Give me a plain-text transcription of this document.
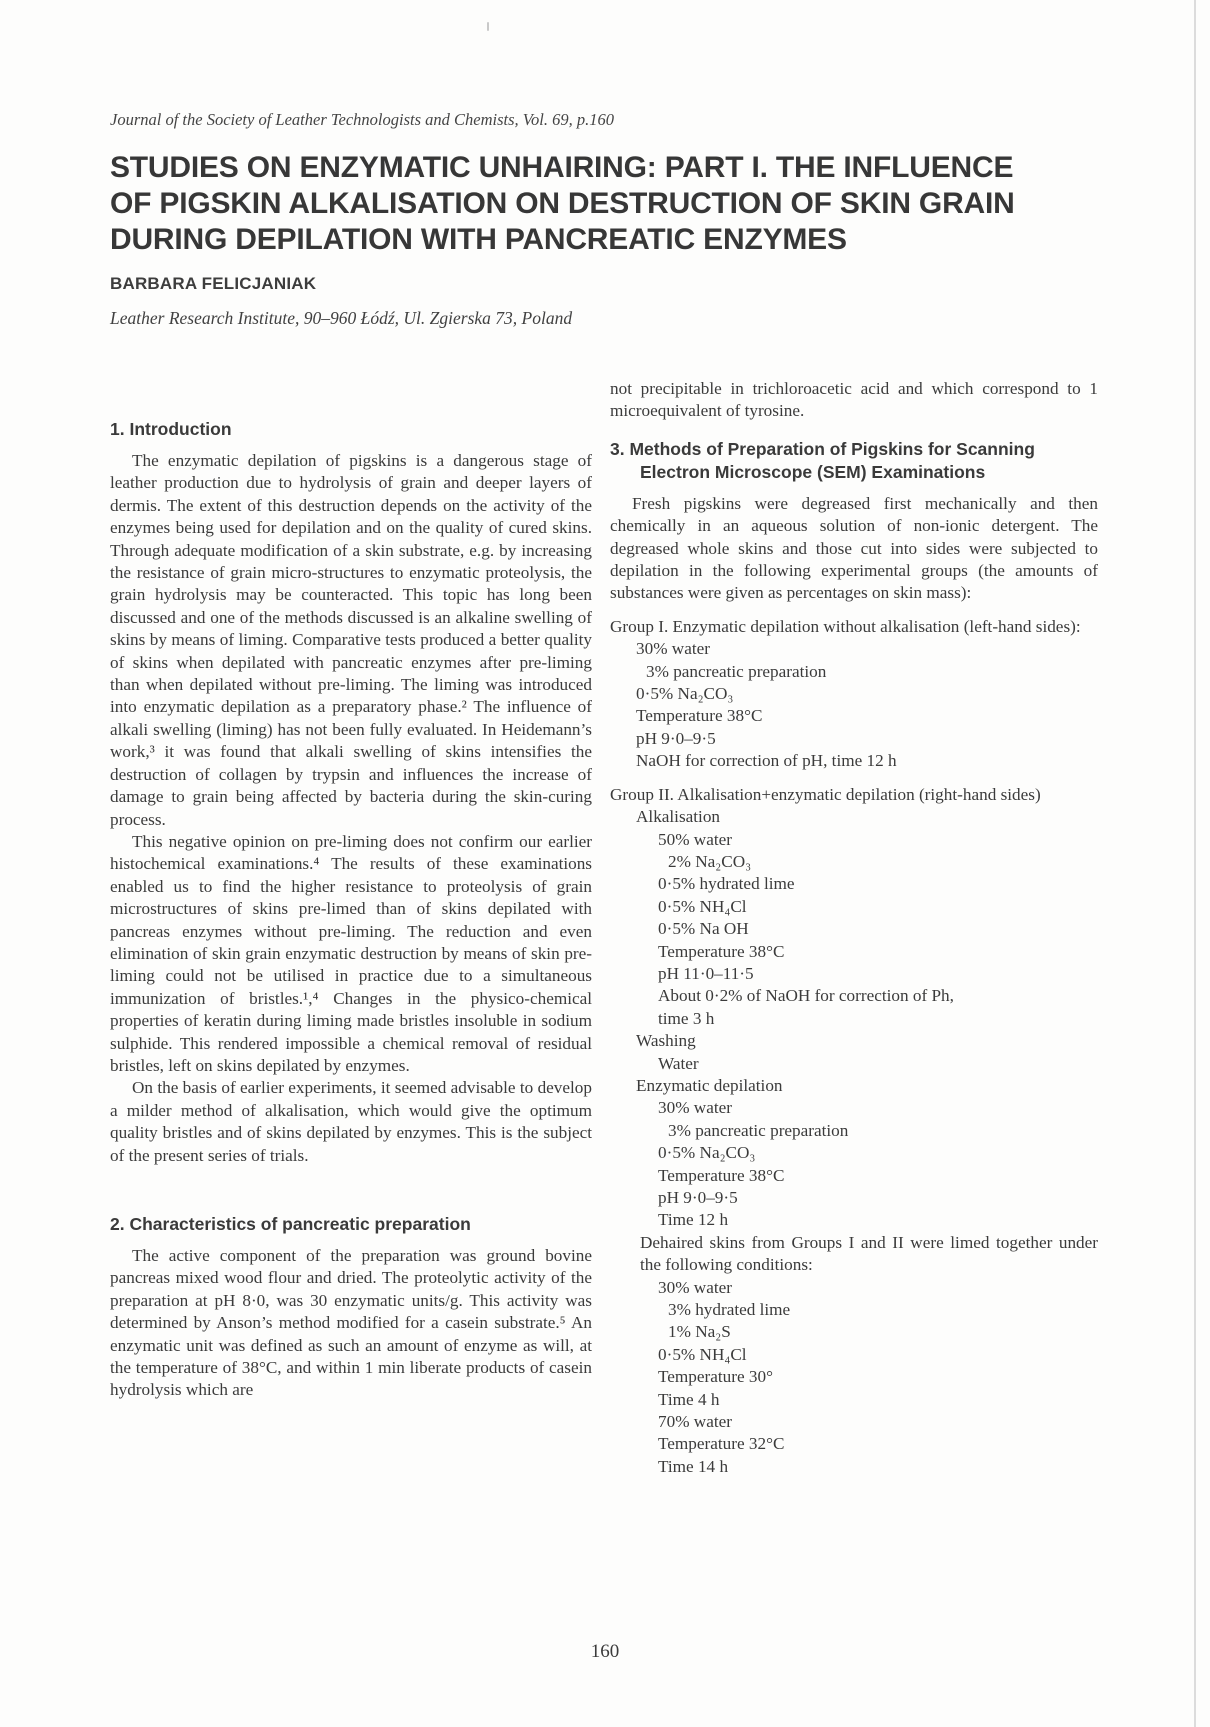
Journal of the Society of Leather Technologists and Chemists, Vol. 69, p.160
STUDIES ON ENZYMATIC UNHAIRING: PART I. THE INFLUENCE
OF PIGSKIN ALKALISATION ON DESTRUCTION OF SKIN GRAIN
DURING DEPILATION WITH PANCREATIC ENZYMES
BARBARA FELICJANIAK
Leather Research Institute, 90–960 Łódź, Ul. Zgierska 73, Poland
1. Introduction

The enzymatic depilation of pigskins is a dangerous stage of leather production due to hydrolysis of grain and deeper layers of dermis. The extent of this destruction depends on the activity of the enzymes being used for depilation and on the quality of cured skins. Through adequate modification of a skin substrate, e.g. by increasing the resistance of grain micro-structures to enzymatic proteolysis, the grain hydrolysis may be counteracted. This topic has long been discussed and one of the methods discussed is an alkaline swelling of skins by means of liming. Comparative tests produced a better quality of skins when depilated with pancreatic enzymes after pre-liming than when depilated without pre-liming. The liming was introduced into enzymatic depilation as a preparatory phase.² The influence of alkali swelling (liming) has not been fully evaluated. In Heidemann’s work,³ it was found that alkali swelling of skins intensifies the destruction of collagen by trypsin and influences the increase of damage to grain being affected by bacteria during the skin-curing process.

This negative opinion on pre-liming does not confirm our earlier histochemical examinations.⁴ The results of these examinations enabled us to find the higher resistance to proteolysis of grain microstructures of skins pre-limed than of skins depilated with pancreas enzymes without pre-liming. The reduction and even elimination of skin grain enzymatic destruction by means of skin pre-liming could not be utilised in practice due to a simultaneous immunization of bristles.¹,⁴ Changes in the physico-chemical properties of keratin during liming made bristles insoluble in sodium sulphide. This rendered impossible a chemical removal of residual bristles, left on skins depilated by enzymes.

On the basis of earlier experiments, it seemed advisable to develop a milder method of alkalisation, which would give the optimum quality bristles and of skins depilated by enzymes. This is the subject of the present series of trials.

2. Characteristics of pancreatic preparation

The active component of the preparation was ground bovine pancreas mixed wood flour and dried. The proteolytic activity of the preparation at pH 8·0, was 30 enzymatic units/g. This activity was determined by Anson’s method modified for a casein substrate.⁵ An enzymatic unit was defined as such an amount of enzyme as will, at the temperature of 38°C, and within 1 min liberate products of casein hydrolysis which are

not precipitable in trichloroacetic acid and which correspond to 1 microequivalent of tyrosine.

3. Methods of Preparation of Pigskins for Scanning
Electron Microscope (SEM) Examinations

Fresh pigskins were degreased first mechanically and then chemically in an aqueous solution of non-ionic detergent. The degreased whole skins and those cut into sides were subjected to depilation in the following experimental groups (the amounts of substances were given as percentages on skin mass):

Group I. Enzymatic depilation without alkalisation (left-hand sides):

30% water
3% pancreatic preparation
0·5% Na₂CO₃
Temperature 38°C
pH 9·0–9·5
NaOH for correction of pH, time 12 h

Group II. Alkalisation+enzymatic depilation (right-hand sides)

Alkalisation
50% water
2% Na₂CO₃
0·5% hydrated lime
0·5% NH₄Cl
0·5% Na OH
Temperature 38°C
pH 11·0–11·5
About 0·2% of NaOH for correction of Ph,
time 3 h
Washing
Water
Enzymatic depilation
30% water
3% pancreatic preparation
0·5% Na₂CO₃
Temperature 38°C
pH 9·0–9·5
Time 12 h

Dehaired skins from Groups I and II were limed together under the following conditions:

30% water
3% hydrated lime
1% Na₂S
0·5% NH₄Cl
Temperature 30°
Time 4 h
70% water
Temperature 32°C
Time 14 h
160
